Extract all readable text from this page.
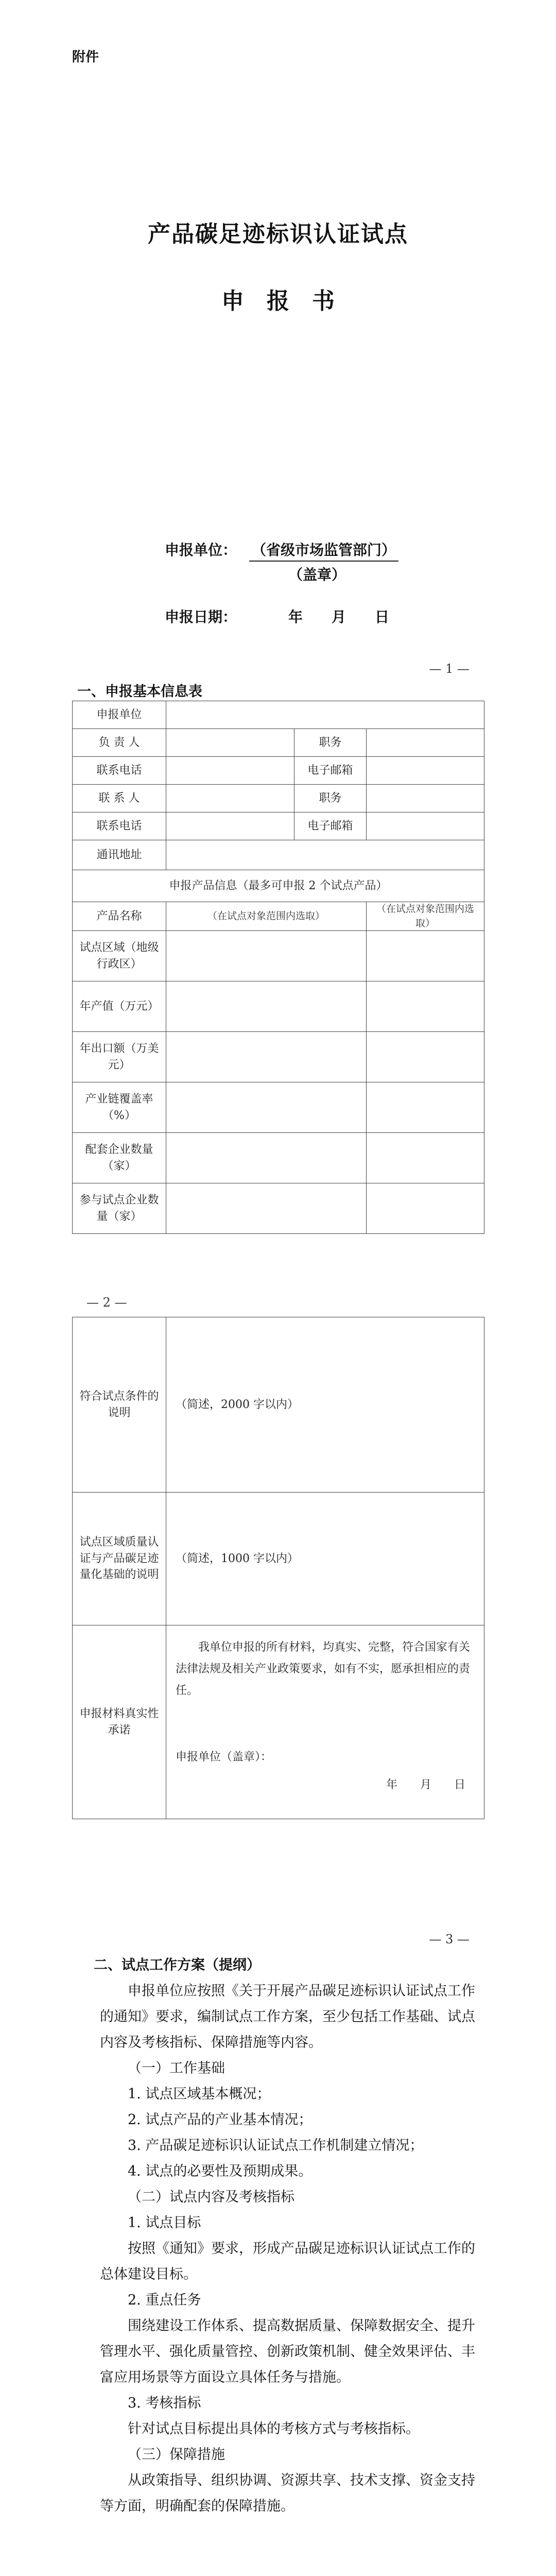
附件
产品碳足迹标识认证试点
申　报　书
申报单位： （省级市场监管部门）
（盖章）
申报日期：	年　　月　　日
— 1 —
一、申报基本信息表
申报单位			
负 责 人		职务	
联系电话		电子邮箱	
联 系 人		职务	
联系电话		电子邮箱	
通讯地址			
申报产品信息（最多可申报 2 个试点产品）			
产品名称	（在试点对象范围内选取）		（在试点对象范围内选取）
试点区域（地级行政区）			
年产值（万元）			
年出口额（万美元）			
产业链覆盖率（%）			
配套企业数量（家）			
参与试点企业数量（家）			
— 2 —
符合试点条件的说明	（简述，2000 字以内）
试点区域质量认证与产品碳足迹量化基础的说明	（简述，1000 字以内）
申报材料真实性承诺	我单位申报的所有材料，均真实、完整，符合国家有关法律法规及相关产业政策要求，如有不实，愿承担相应的责任。
申报单位（盖章）：
年　　月　　日
— 3 —

二、试点工作方案（提纲）

申报单位应按照《关于开展产品碳足迹标识认证试点工作的通知》要求，编制试点工作方案，至少包括工作基础、试点内容及考核指标、保障措施等内容。

（一）工作基础

1. 试点区域基本概况；

2. 试点产品的产业基本情况；

3. 产品碳足迹标识认证试点工作机制建立情况；

4. 试点的必要性及预期成果。

（二）试点内容及考核指标

1. 试点目标

按照《通知》要求，形成产品碳足迹标识认证试点工作的总体建设目标。

2. 重点任务

围绕建设工作体系、提高数据质量、保障数据安全、提升管理水平、强化质量管控、创新政策机制、健全效果评估、丰富应用场景等方面设立具体任务与措施。

3. 考核指标

针对试点目标提出具体的考核方式与考核指标。

（三）保障措施

从政策指导、组织协调、资源共享、技术支撑、资金支持等方面，明确配套的保障措施。
